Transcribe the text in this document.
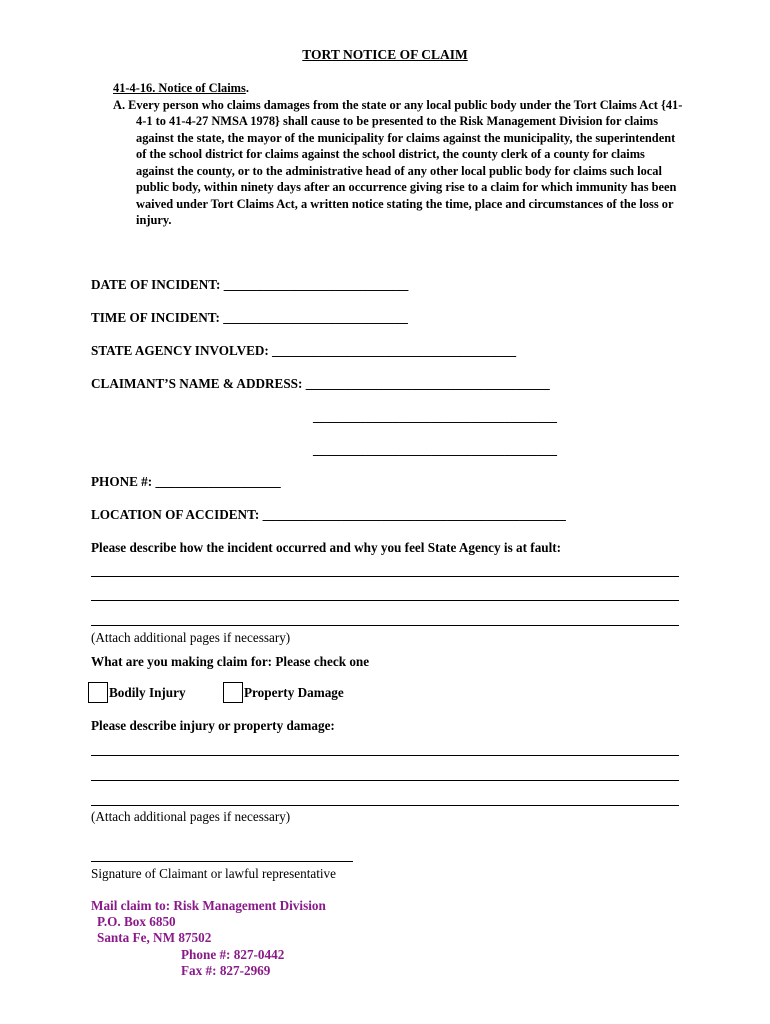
TORT NOTICE OF CLAIM
41-4-16. Notice of Claims.
A. Every person who claims damages from the state or any local public body under the Tort Claims Act {41-4-1 to 41-4-27 NMSA 1978} shall cause to be presented to the Risk Management Division for claims against the state, the mayor of the municipality for claims against the municipality, the superintendent of the school district for claims against the school district, the county clerk of a county for claims against the county, or to the administrative head of any other local public body for claims such local public body, within ninety days after an occurrence giving rise to a claim for which immunity has been waived under Tort Claims Act, a written notice stating the time, place and circumstances of the loss or injury.
DATE OF INCIDENT: ____________________________
TIME OF INCIDENT: ____________________________
STATE AGENCY INVOLVED: _____________________________________
CLAIMANT’S NAME & ADDRESS: _____________________________________
_____________________________________
_____________________________________
PHONE #: ___________________
LOCATION OF ACCIDENT: ______________________________________________
Please describe how the incident occurred and why you feel State Agency is at fault:
(Attach additional pages if necessary)
What are you making claim for: Please check one
Bodily Injury	Property Damage
Please describe injury or property damage:
(Attach additional pages if necessary)
Signature of Claimant or lawful representative
Mail claim to: Risk Management Division
P.O. Box 6850
Santa Fe, NM 87502
Phone #: 827-0442
Fax #: 827-2969
